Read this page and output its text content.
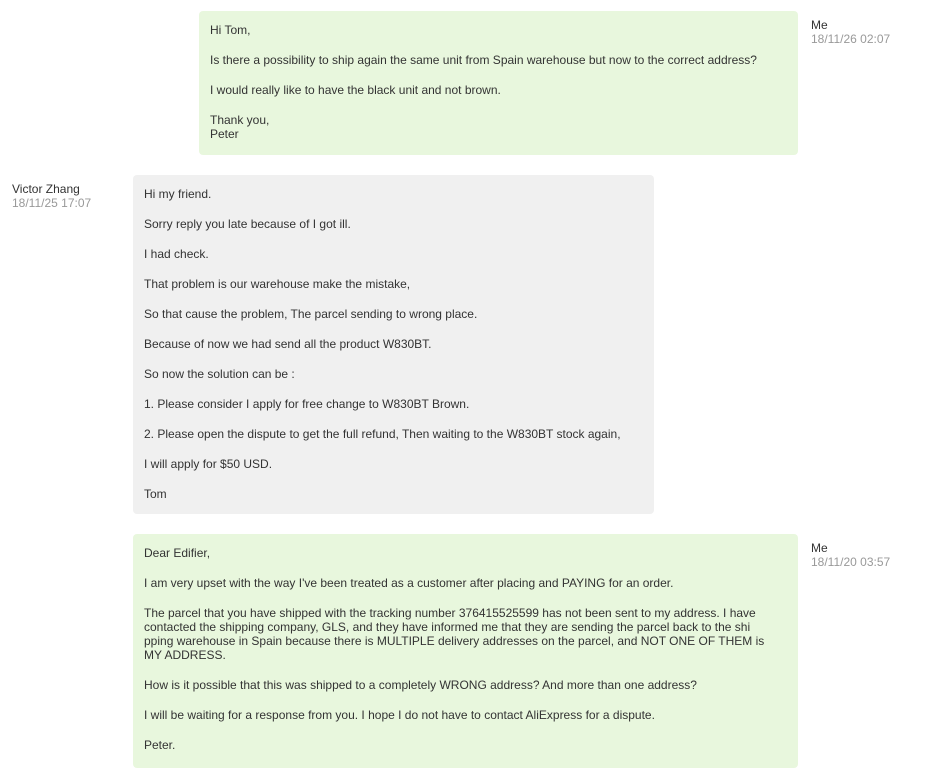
Hi Tom,

Is there a possibility to ship again the same unit from Spain warehouse but now to the correct address?

I would really like to have the black unit and not brown.

Thank you,
Peter

Me
18/11/26 02:07
Victor Zhang
18/11/25 17:07

Hi my friend.

Sorry reply you late because of I got ill.

I had check.

That problem is our warehouse make the mistake,

So that cause the problem, The parcel sending to wrong place.

Because of now we had send all the product W830BT.

So now the solution can be :

1. Please consider I apply for free change to W830BT Brown.

2. Please open the dispute to get the full refund, Then waiting to the W830BT stock again,

I will apply for $50 USD.

Tom

Dear Edifier,

I am very upset with the way I've been treated as a customer after placing and PAYING for an order.

The parcel that you have shipped with the tracking number 376415525599 has not been sent to my address. I have
contacted the shipping company, GLS, and they have informed me that they are sending the parcel back to the shi
pping warehouse in Spain because there is MULTIPLE delivery addresses on the parcel, and NOT ONE OF THEM is
MY ADDRESS.

How is it possible that this was shipped to a completely WRONG address? And more than one address?

I will be waiting for a response from you. I hope I do not have to contact AliExpress for a dispute.

Peter.

Me
18/11/20 03:57
